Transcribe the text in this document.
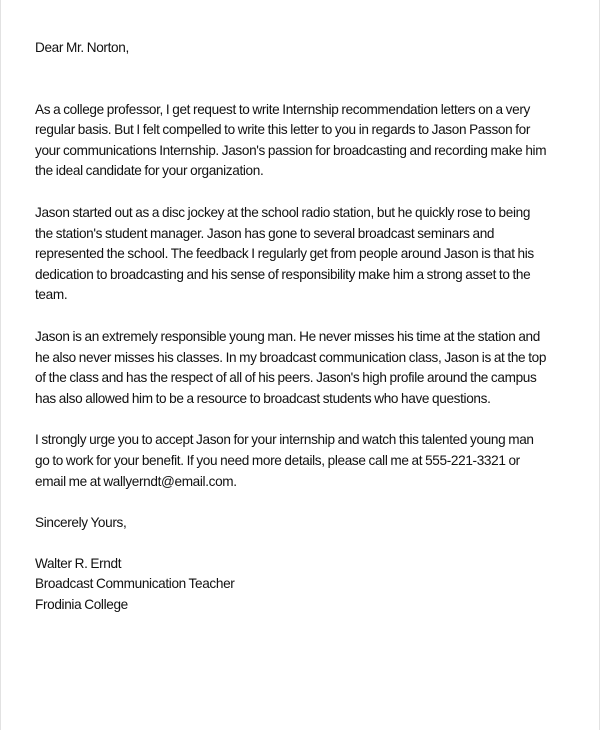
Dear Mr. Norton,
As a college professor, I get request to write Internship recommendation letters on a very
regular basis. But I felt compelled to write this letter to you in regards to Jason Passon for
your communications Internship. Jason's passion for broadcasting and recording make him
the ideal candidate for your organization.
Jason started out as a disc jockey at the school radio station, but he quickly rose to being
the station's student manager. Jason has gone to several broadcast seminars and
represented the school. The feedback I regularly get from people around Jason is that his
dedication to broadcasting and his sense of responsibility make him a strong asset to the
team.
Jason is an extremely responsible young man. He never misses his time at the station and
he also never misses his classes. In my broadcast communication class, Jason is at the top
of the class and has the respect of all of his peers. Jason's high profile around the campus
has also allowed him to be a resource to broadcast students who have questions.
I strongly urge you to accept Jason for your internship and watch this talented young man
go to work for your benefit. If you need more details, please call me at 555-221-3321 or
email me at wallyerndt@email.com.
Sincerely Yours,
Walter R. Erndt
Broadcast Communication Teacher
Frodinia College
